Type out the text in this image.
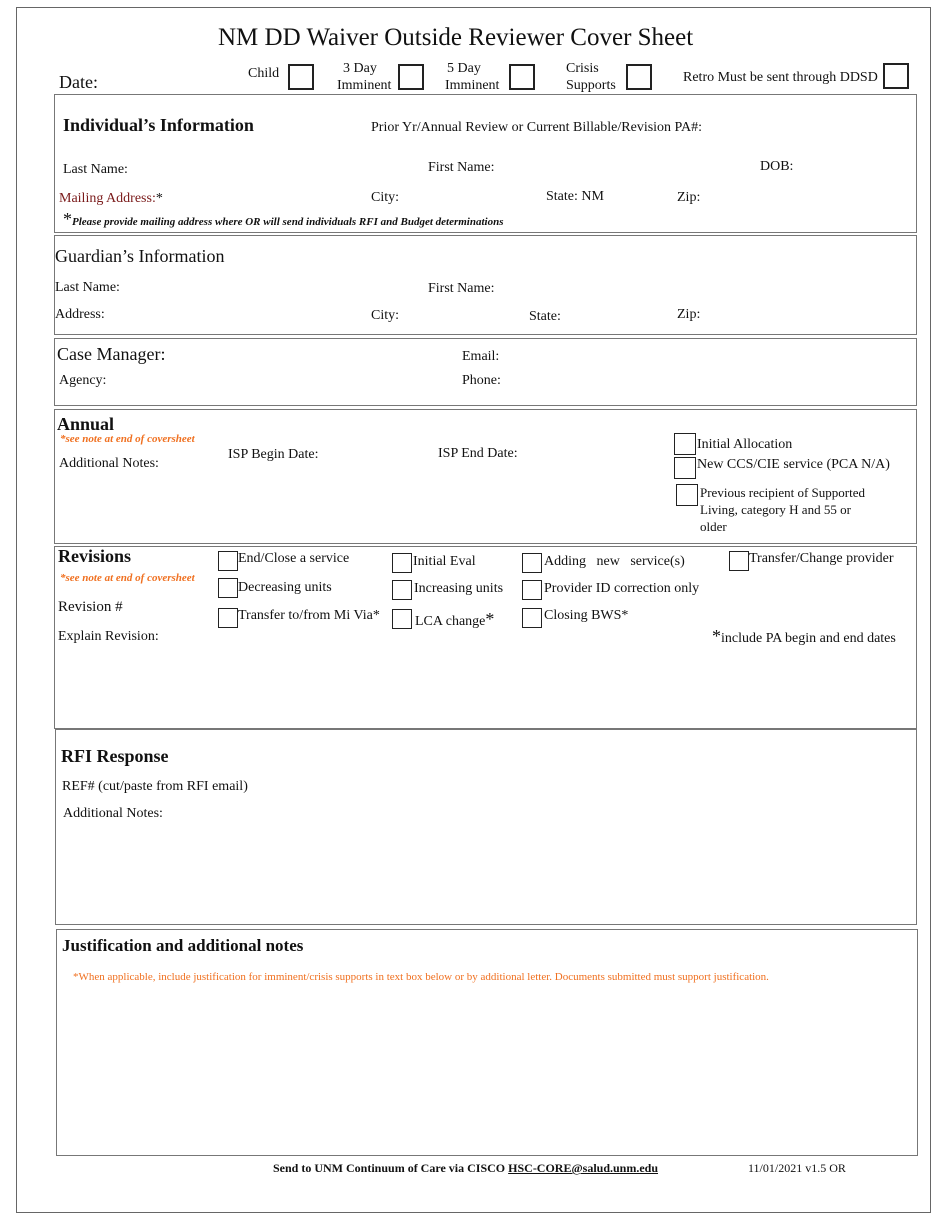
NM DD Waiver Outside Reviewer Cover Sheet
Date:	Child	3 Day
Imminent
5 Day
Imminent
Crisis
Supports
Retro Must be sent through DDSD
Individual’s Information	Prior Yr/Annual Review or Current Billable/Revision PA#:
Last Name:	First Name:	DOB:
Mailing Address:*	City:	State: NM	Zip:
*Please provide mailing address where OR will send individuals RFI and Budget determinations
Guardian’s Information
Last Name:	First Name:
Address:	City:	State:	Zip:
Case Manager:	Email:
Agency:	Phone:
Annual
*see note at end of coversheet
Additional Notes:
ISP Begin Date:	ISP End Date:
Initial Allocation
New CCS/CIE service (PCA N/A)
Previous recipient of Supported
Living, category H and 55 or
older
Revisions
*see note at end of coversheet
Revision #
Explain Revision:
End/Close a service	Initial Eval	Adding   new   service(s)	Transfer/Change provider
Decreasing units	Increasing units	Provider ID correction only
Transfer to/from Mi Via*	LCA change*	Closing BWS*
*include PA begin and end dates
RFI Response
REF# (cut/paste from RFI email)
Additional Notes:
Justification and additional notes
*When applicable, include justification for imminent/crisis supports in text box below or by additional letter. Documents submitted must support justification.
Send to UNM Continuum of Care via CISCO HSC-CORE@salud.unm.edu	11/01/2021 v1.5 OR
